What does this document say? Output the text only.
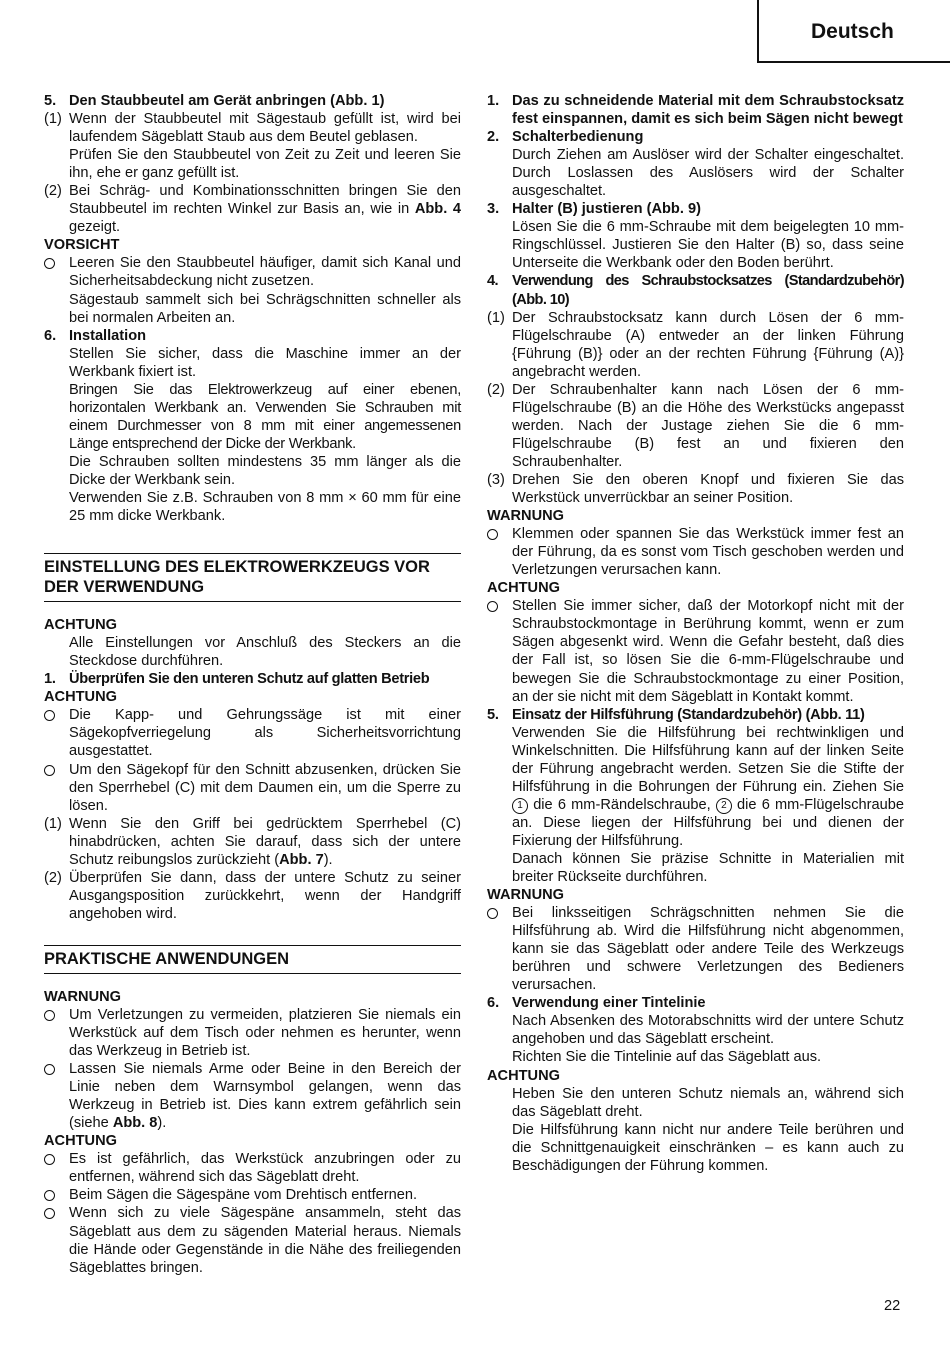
Deutsch
5. Den Staubbeutel am Gerät anbringen (Abb. 1)
(1) Wenn der Staubbeutel mit Sägestaub gefüllt ist, wird bei laufendem Sägeblatt Staub aus dem Beutel geblasen.

Prüfen Sie den Staubbeutel von Zeit zu Zeit und leeren Sie ihn, ehe er ganz gefüllt ist.

(2) Bei Schräg- und Kombinationsschnitten bringen Sie den Staubbeutel im rechten Winkel zur Basis an, wie in Abb. 4 gezeigt.
VORSICHT
Leeren Sie den Staubbeutel häufiger, damit sich Kanal und Sicherheitsabdeckung nicht zusetzen.

Sägestaub sammelt sich bei Schrägschnitten schneller als bei normalen Arbeiten an.

6. Installation

Stellen Sie sicher, dass die Maschine immer an der Werkbank fixiert ist.

Bringen Sie das Elektrowerkzeug auf einer ebenen, horizontalen Werkbank an. Verwenden Sie Schrauben mit einem Durchmesser von 8 mm mit einer angemessenen Länge entsprechend der Dicke der Werkbank.

Die Schrauben sollten mindestens 35 mm länger als die Dicke der Werkbank sein.

Verwenden Sie z.B. Schrauben von 8 mm × 60 mm für eine 25 mm dicke Werkbank.

EINSTELLUNG DES ELEKTROWERKZEUGS VOR DER VERWENDUNG
ACHTUNG

Alle Einstellungen vor Anschluß des Steckers an die Steckdose durchführen.

1. Überprüfen Sie den unteren Schutz auf glatten Betrieb
ACHTUNG
Die Kapp- und Gehrungssäge ist mit einer Sägekopfverriegelung als Sicherheitsvorrichtung ausgestattet.
Um den Sägekopf für den Schnitt abzusenken, drücken Sie den Sperrhebel (C) mit dem Daumen ein, um die Sperre zu lösen.
(1) Wenn Sie den Griff bei gedrücktem Sperrhebel (C) hinabdrücken, achten Sie darauf, dass sich der untere Schutz reibungslos zurückzieht (Abb. 7).
(2) Überprüfen Sie dann, dass der untere Schutz zu seiner Ausgangsposition zurückkehrt, wenn der Handgriff angehoben wird.
PRAKTISCHE ANWENDUNGEN
WARNUNG
Um Verletzungen zu vermeiden, platzieren Sie niemals ein Werkstück auf dem Tisch oder nehmen es herunter, wenn das Werkzeug in Betrieb ist.
Lassen Sie niemals Arme oder Beine in den Bereich der Linie neben dem Warnsymbol gelangen, wenn das Werkzeug in Betrieb ist. Dies kann extrem gefährlich sein (siehe Abb. 8).
ACHTUNG
Es ist gefährlich, das Werkstück anzubringen oder zu entfernen, während sich das Sägeblatt dreht.
Beim Sägen die Sägespäne vom Drehtisch entfernen.
Wenn sich zu viele Sägespäne ansammeln, steht das Sägeblatt aus dem zu sägenden Material heraus. Niemals die Hände oder Gegenstände in die Nähe des freiliegenden Sägeblattes bringen.
1. Das zu schneidende Material mit dem Schraubstocksatz fest einspannen, damit es sich beim Sägen nicht bewegt
2. Schalterbedienung

Durch Ziehen am Auslöser wird der Schalter eingeschaltet. Durch Loslassen des Auslösers wird der Schalter ausgeschaltet.

3. Halter (B) justieren (Abb. 9)

Lösen Sie die 6 mm-Schraube mit dem beigelegten 10 mm-Ringschlüssel. Justieren Sie den Halter (B) so, dass seine Unterseite die Werkbank oder den Boden berührt.

4. Verwendung des Schraubstocksatzes (Standardzubehör) (Abb. 10)
(1) Der Schraubstocksatz kann durch Lösen der 6 mm-Flügelschraube (A) entweder an der linken Führung {Führung (B)} oder an der rechten Führung {Führung (A)} angebracht werden.
(2) Der Schraubenhalter kann nach Lösen der 6 mm-Flügelschraube (B) an die Höhe des Werkstücks angepasst werden. Nach der Justage ziehen Sie die 6 mm-Flügelschraube (B) fest an und fixieren den Schraubenhalter.
(3) Drehen Sie den oberen Knopf und fixieren Sie das Werkstück unverrückbar an seiner Position.
WARNUNG
Klemmen oder spannen Sie das Werkstück immer fest an der Führung, da es sonst vom Tisch geschoben werden und Verletzungen verursachen kann.
ACHTUNG
Stellen Sie immer sicher, daß der Motorkopf nicht mit der Schraubstockmontage in Berührung kommt, wenn er zum Sägen abgesenkt wird. Wenn die Gefahr besteht, daß dies der Fall ist, so lösen Sie die 6-mm-Flügelschraube und bewegen Sie die Schraubstockmontage zu einer Position, an der sie nicht mit dem Sägeblatt in Kontakt kommt.
5. Einsatz der Hilfsführung (Standardzubehör) (Abb. 11)

Verwenden Sie die Hilfsführung bei rechtwinkligen und Winkelschnitten. Die Hilfsführung kann auf der linken Seite der Führung angebracht werden. Setzen Sie die Stifte der Hilfsführung in die Bohrungen der Führung ein. Ziehen Sie 1 die 6 mm-Rändelschraube, 2 die 6 mm-Flügelschraube an. Diese liegen der Hilfsführung bei und dienen der Fixierung der Hilfsführung.

Danach können Sie präzise Schnitte in Materialien mit breiter Rückseite durchführen.

WARNUNG
Bei linksseitigen Schrägschnitten nehmen Sie die Hilfsführung ab. Wird die Hilfsführung nicht abgenommen, kann sie das Sägeblatt oder andere Teile des Werkzeugs berühren und schwere Verletzungen des Bedieners verursachen.
6. Verwendung einer Tintelinie

Nach Absenken des Motorabschnitts wird der untere Schutz angehoben und das Sägeblatt erscheint.

Richten Sie die Tintelinie auf das Sägeblatt aus.

ACHTUNG

Heben Sie den unteren Schutz niemals an, während sich das Sägeblatt dreht.

Die Hilfsführung kann nicht nur andere Teile berühren und die Schnittgenauigkeit einschränken – es kann auch zu Beschädigungen der Führung kommen.

22
